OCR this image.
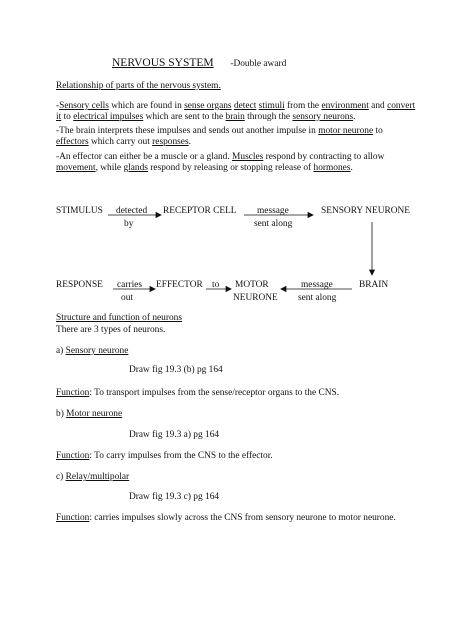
NERVOUS SYSTEM -Double award
Relationship of parts of the nervous system.

-Sensory cells which are found in sense organs detect stimuli from the environment and convert it to electrical impulses which are sent to the brain through the sensory neurons.

-The brain interprets these impulses and sends out another impulse in motor neurone to effectors which carry out responses.

-An effector can either be a muscle or a gland. Muscles respond by contracting to allow movement, while glands respond by releasing or stopping release of hormones.

STIMULUS detected
by
RECEPTOR CELL message
sent along
SENSORY NEURONE
RESPONSE carries
out
EFFECTOR to MOTOR
NEURONE
message
sent along
BRAIN
Structure and function of neurons
There are 3 types of neurons.
a) Sensory neurone
Draw fig 19.3 (b) pg 164
Function: To transport impulses from the sense/receptor organs to the CNS.
b) Motor neurone
Draw fig 19.3 a) pg 164
Function: To carry impulses from the CNS to the effector.
c) Relay/multipolar
Draw fig 19.3 c) pg 164
Function: carries impulses slowly across the CNS from sensory neurone to motor neurone.
